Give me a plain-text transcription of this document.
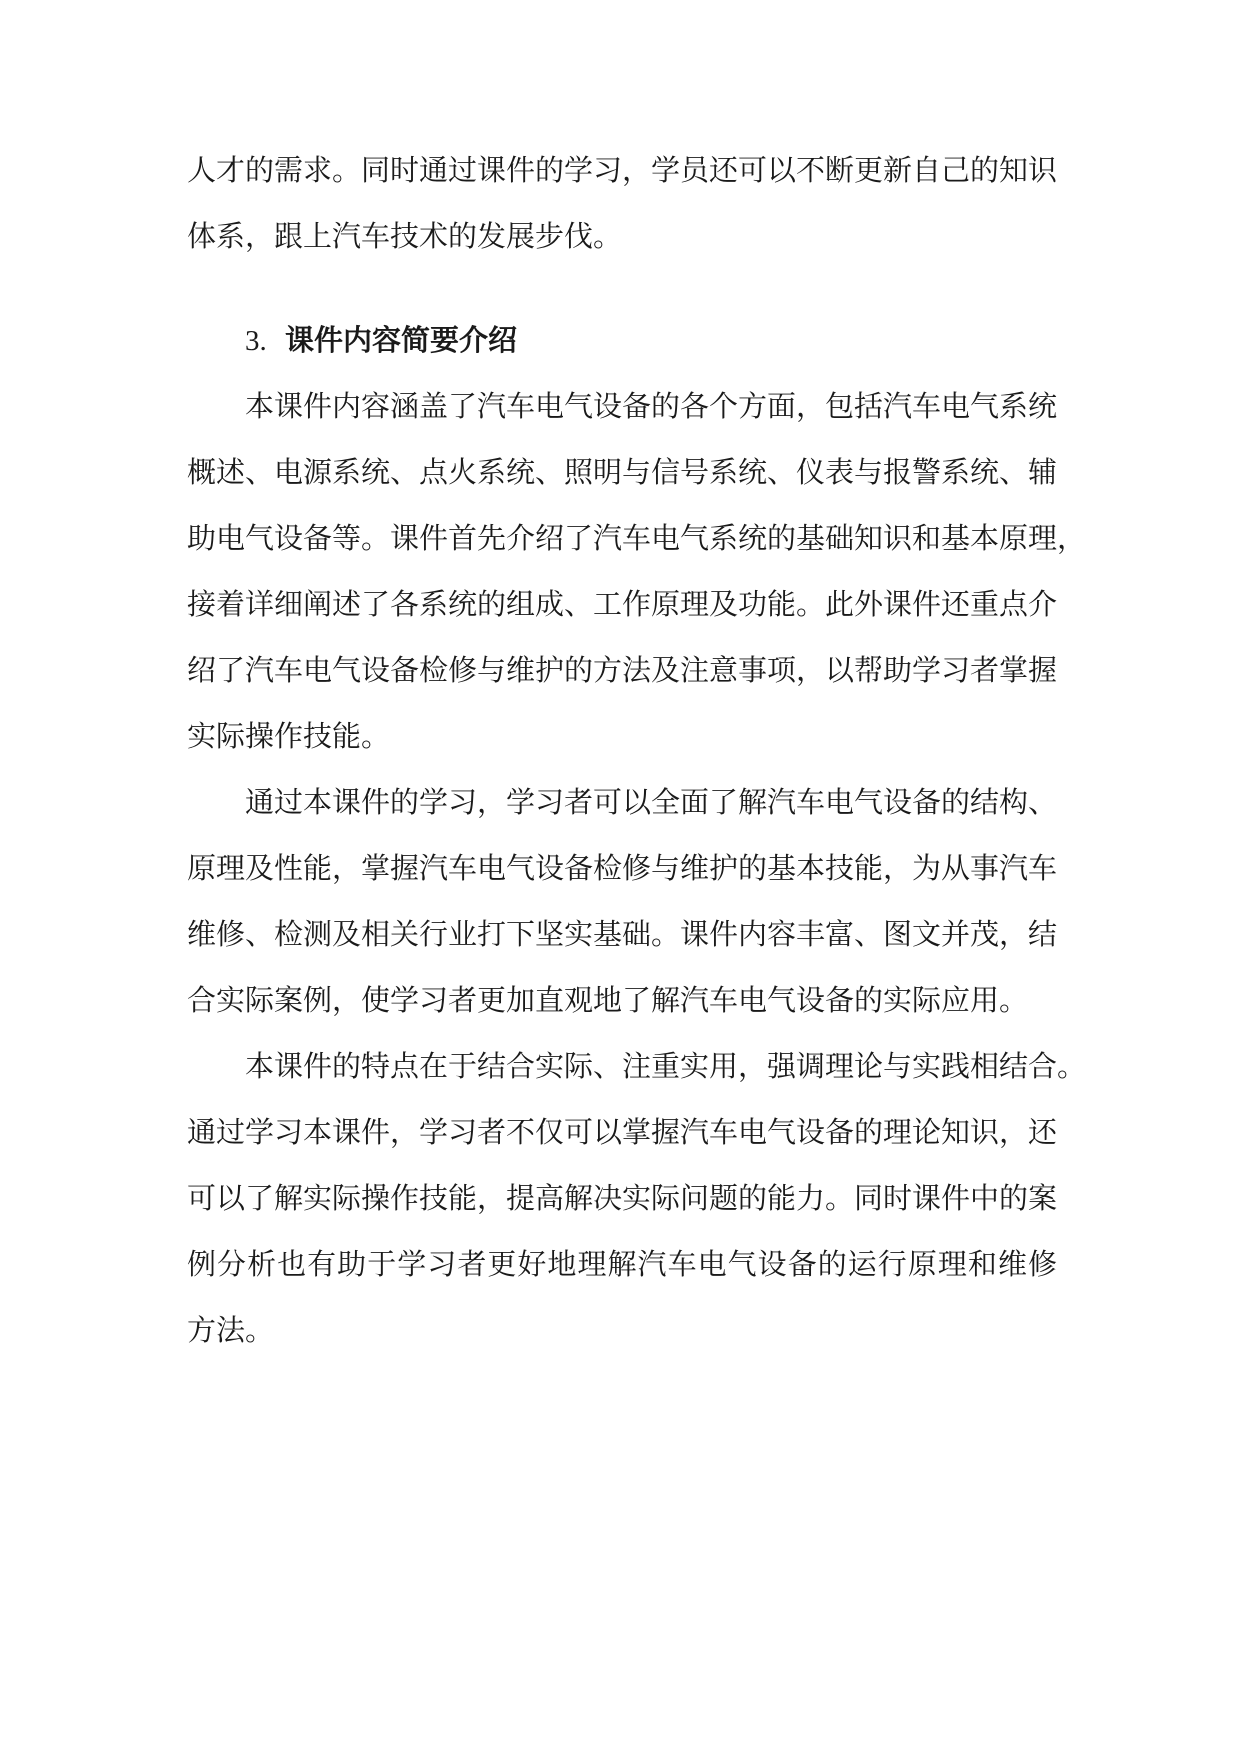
人才的需求。同时通过课件的学习，学员还可以不断更新自己的知识
体系，跟上汽车技术的发展步伐。
3. 课件内容简要介绍
本课件内容涵盖了汽车电气设备的各个方面，包括汽车电气系统
概述、电源系统、点火系统、照明与信号系统、仪表与报警系统、辅
助电气设备等。课件首先介绍了汽车电气系统的基础知识和基本原理，
接着详细阐述了各系统的组成、工作原理及功能。此外课件还重点介
绍了汽车电气设备检修与维护的方法及注意事项，以帮助学习者掌握
实际操作技能。
通过本课件的学习，学习者可以全面了解汽车电气设备的结构、
原理及性能，掌握汽车电气设备检修与维护的基本技能，为从事汽车
维修、检测及相关行业打下坚实基础。课件内容丰富、图文并茂，结
合实际案例，使学习者更加直观地了解汽车电气设备的实际应用。
本课件的特点在于结合实际、注重实用，强调理论与实践相结合。
通过学习本课件，学习者不仅可以掌握汽车电气设备的理论知识，还
可以了解实际操作技能，提高解决实际问题的能力。同时课件中的案
例分析也有助于学习者更好地理解汽车电气设备的运行原理和维修
方法。
